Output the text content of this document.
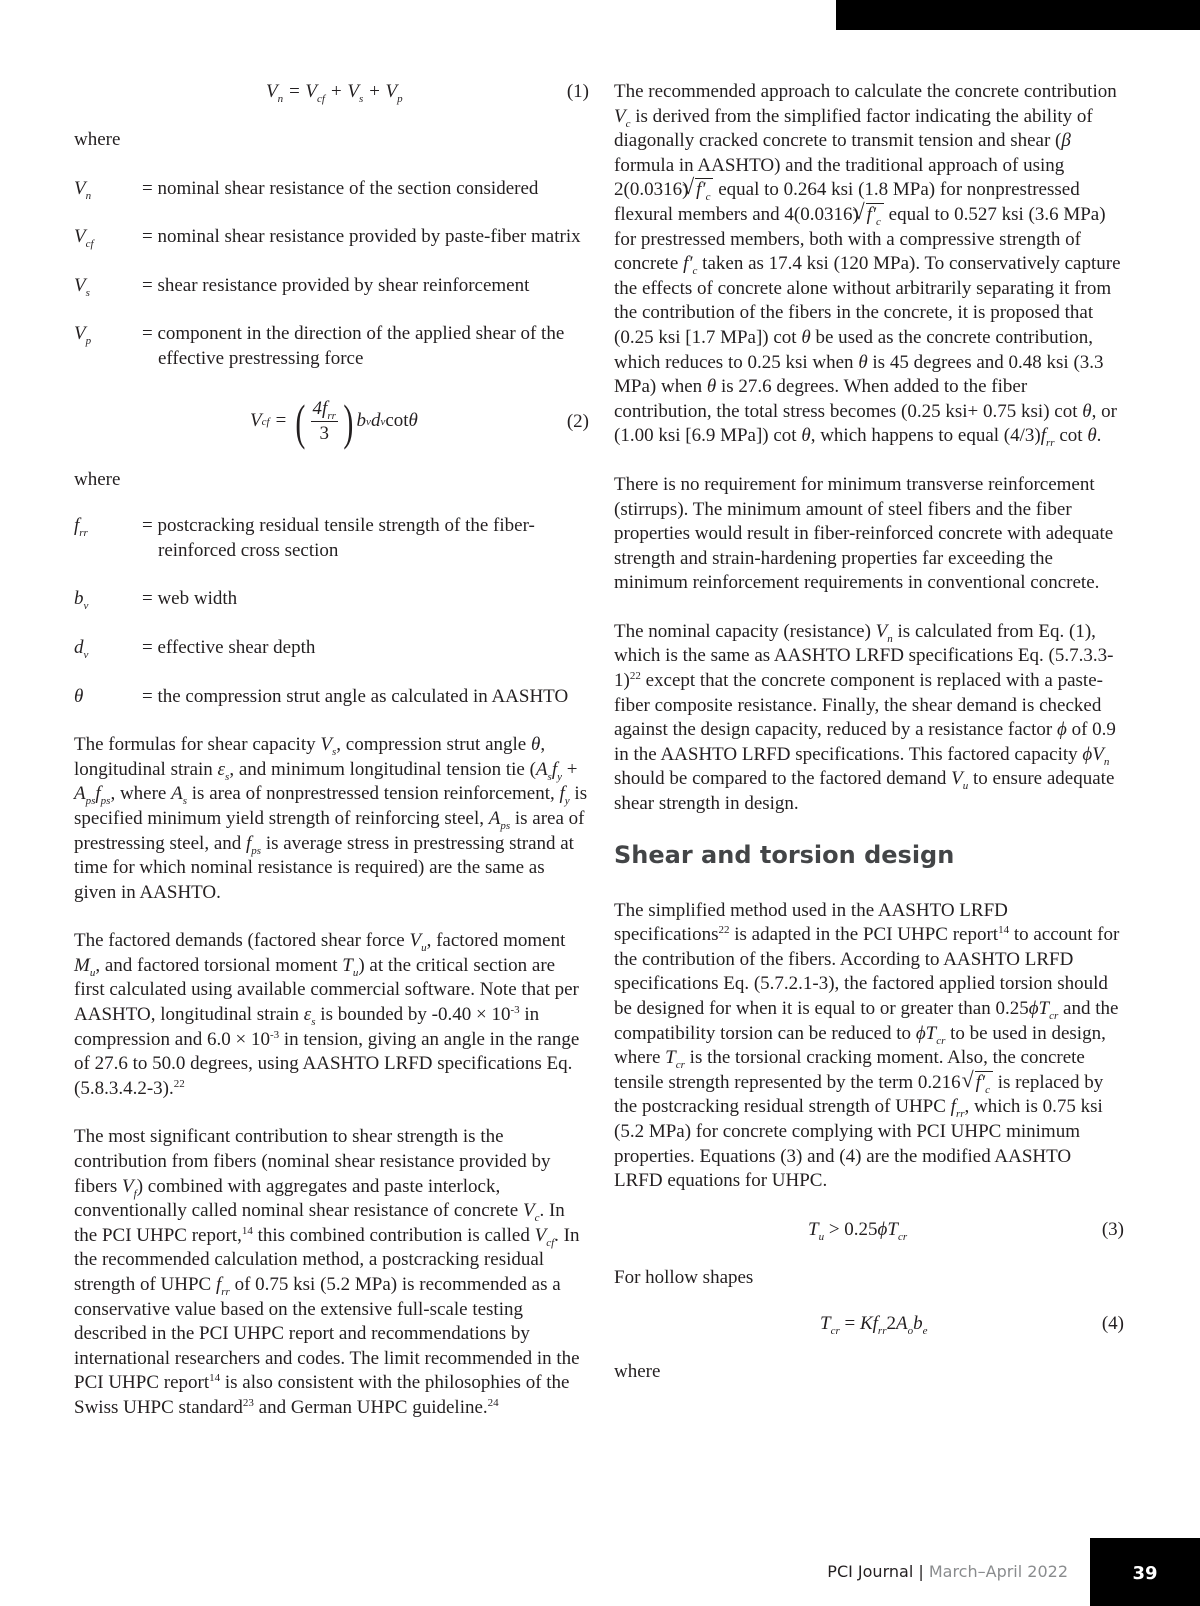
$V_n = V_{cf} + V_s + V_p$	(1)

where

$V_n$	= nominal shear resistance of the section considered
$V_{cf}$	= nominal shear resistance provided by paste-fiber matrix
$V_s$	= shear resistance provided by shear reinforcement
$V_p$	= component in the direction of the applied shear of the effective prestressing force
V cf = ( $\frac{4f_{rr}}{3}$ ) b v d v cot θ	(2)

where

$f_{rr}$	= postcracking residual tensile strength of the fiber-reinforced cross section
$b_v$	= web width
$d_v$	= effective shear depth
θ	= the compression strut angle as calculated in AASHTO

The formulas for shear capacity $V_s$, compression strut angle θ, longitudinal strain $\varepsilon_s$, and minimum longitudinal tension tie ($A_sf_y + A_{ps}f_{ps}$, where $A_s$ is area of nonprestressed tension reinforcement, $f_y$ is specified minimum yield strength of reinforcing steel, $A_{ps}$ is area of prestressing steel, and $f_{ps}$ is average stress in prestressing strand at time for which nominal resistance is required) are the same as given in AASHTO.

The factored demands (factored shear force $V_u$, factored moment $M_u$, and factored torsional moment $T_u$) at the critical section are first calculated using available commercial software. Note that per AASHTO, longitudinal strain $\varepsilon_s$ is bounded by $-0.40 \times 10^{-3}$ in compression and $6.0 \times 10^{-3}$ in tension, giving an angle in the range of 27.6 to 50.0 degrees, using AASHTO LRFD specifications Eq. (5.8.3.4.2-3).$^{22}$

The most significant contribution to shear strength is the contribution from fibers (nominal shear resistance provided by fibers $V_f$) combined with aggregates and paste interlock, conventionally called nominal shear resistance of concrete $V_c$. In the PCI UHPC report,$^{14}$ this combined contribution is called $V_{cf}$. In the recommended calculation method, a postcracking residual strength of UHPC $f_{rr}$ of 0.75 ksi (5.2 MPa) is recommended as a conservative value based on the extensive full-scale testing described in the PCI UHPC report and recommendations by international researchers and codes. The limit recommended in the PCI UHPC report$^{14}$ is also consistent with the philosophies of the Swiss UHPC standard$^{23}$ and German UHPC guideline.$^{24}$

The recommended approach to calculate the concrete contribution $V_c$ is derived from the simplified factor indicating the ability of diagonally cracked concrete to transmit tension and shear (β formula in AASHTO) and the traditional approach of using 2(0.0316) √ $f'_c$ equal to 0.264 ksi (1.8 MPa) for nonprestressed flexural members and 4(0.0316) √ $f'_c$ equal to 0.527 ksi (3.6 MPa) for prestressed members, both with a compressive strength of concrete $f'_c$ taken as 17.4 ksi (120 MPa). To conservatively capture the effects of concrete alone without arbitrarily separating it from the contribution of the fibers in the concrete, it is proposed that (0.25 ksi [1.7 MPa]) cot θ be used as the concrete contribution, which reduces to 0.25 ksi when θ is 45 degrees and 0.48 ksi (3.3 MPa) when θ is 27.6 degrees. When added to the fiber contribution, the total stress becomes (0.25 ksi+ 0.75 ksi) cot θ, or (1.00 ksi [6.9 MPa]) cot θ, which happens to equal $(4/3)f_{rr}$ cot θ.

There is no requirement for minimum transverse reinforcement (stirrups). The minimum amount of steel fibers and the fiber properties would result in fiber-reinforced concrete with adequate strength and strain-hardening properties far exceeding the minimum reinforcement requirements in conventional concrete.

The nominal capacity (resistance) $V_n$ is calculated from Eq. (1), which is the same as AASHTO LRFD specifications Eq. $(5.7.3.3-1)^{22}$ except that the concrete component is replaced with a paste-fiber composite resistance. Finally, the shear demand is checked against the design capacity, reduced by a resistance factor ϕ of 0.9 in the AASHTO LRFD specifications. This factored capacity $\phi V_n$ should be compared to the factored demand $V_u$ to ensure adequate shear strength in design.

Shear and torsion design

The simplified method used in the AASHTO LRFD specifications$^{22}$ is adapted in the PCI UHPC report$^{14}$ to account for the contribution of the fibers. According to AASHTO LRFD specifications Eq. (5.7.2.1-3), the factored applied torsion should be designed for when it is equal to or greater than $0.25\phi T_{cr}$ and the compatibility torsion can be reduced to $\phi T_{cr}$ to be used in design, where $T_{cr}$ is the torsional cracking moment. Also, the concrete tensile strength represented by the term 0.216√ $f'_c$ is replaced by the postcracking residual strength of UHPC $f_{rr}$, which is 0.75 ksi (5.2 MPa) for concrete complying with PCI UHPC minimum properties. Equations (3) and (4) are the modified AASHTO LRFD equations for UHPC.

$T_u > 0.25\phi T_{cr}$	(3)

For hollow shapes

$T_{cr} = Kf_{rr}2A_ob_e$	(4)

where

PCI Journal | March–April 2022	39
